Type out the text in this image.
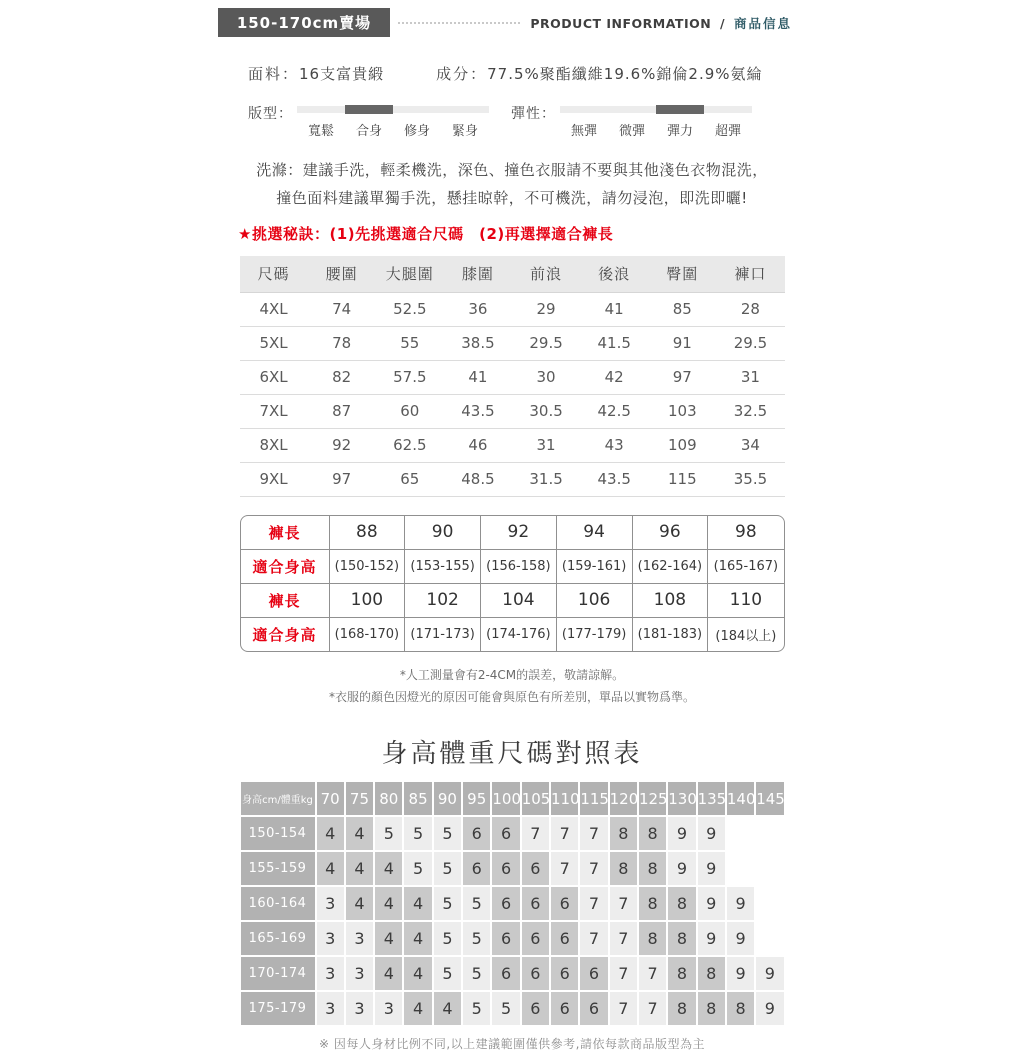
150-170cm賣場	PRODUCT INFORMATION / 商品信息
面料：16支富貴緞	成分：77.5%聚酯纖維19.6%錦倫2.9%氨綸
版型：
寬鬆	合身	修身	緊身
彈性：
無彈	微彈	彈力	超彈
洗滌：建議手洗，輕柔機洗，深色、撞色衣服請不要與其他淺色衣物混洗，
撞色面料建議單獨手洗，懸挂晾幹，不可機洗，請勿浸泡，即洗即曬!
★挑選秘訣：(1)先挑選適合尺碼　(2)再選擇適合褲長
尺碼	腰圍	大腿圍	膝圍	前浪	後浪	臀圍	褲口
4XL	74	52.5	36	29	41	85	28
5XL	78	55	38.5	29.5	41.5	91	29.5
6XL	82	57.5	41	30	42	97	31
7XL	87	60	43.5	30.5	42.5	103	32.5
8XL	92	62.5	46	31	43	109	34
9XL	97	65	48.5	31.5	43.5	115	35.5
褲長	88	90	92	94	96	98
適合身高	(150-152)	(153-155)	(156-158)	(159-161)	(162-164)	(165-167)
褲長	100	102	104	106	108	110
適合身高	(168-170)	(171-173)	(174-176)	(177-179)	(181-183)	(184以上)
*人工測量會有2-4CM的誤差，敬請諒解。
*衣服的顏色因燈光的原因可能會與原色有所差別，單品以實物爲準。
身高體重尺碼對照表
身高cm/體重kg	70	75	80	85	90	95	100	105	110	115	120	125	130	135	140	145
150-154	4	4	5	5	5	6	6	7	7	7	8	8	9	9		
155-159	4	4	4	5	5	6	6	6	7	7	8	8	9	9		
160-164	3	4	4	4	5	5	6	6	6	7	7	8	8	9	9	
165-169	3	3	4	4	5	5	6	6	6	7	7	8	8	9	9	
170-174	3	3	4	4	5	5	6	6	6	6	7	7	8	8	9	9
175-179	3	3	3	4	4	5	5	6	6	6	7	7	8	8	8	9
※ 因每人身材比例不同,以上建議範圍僅供參考,請依每款商品版型為主
